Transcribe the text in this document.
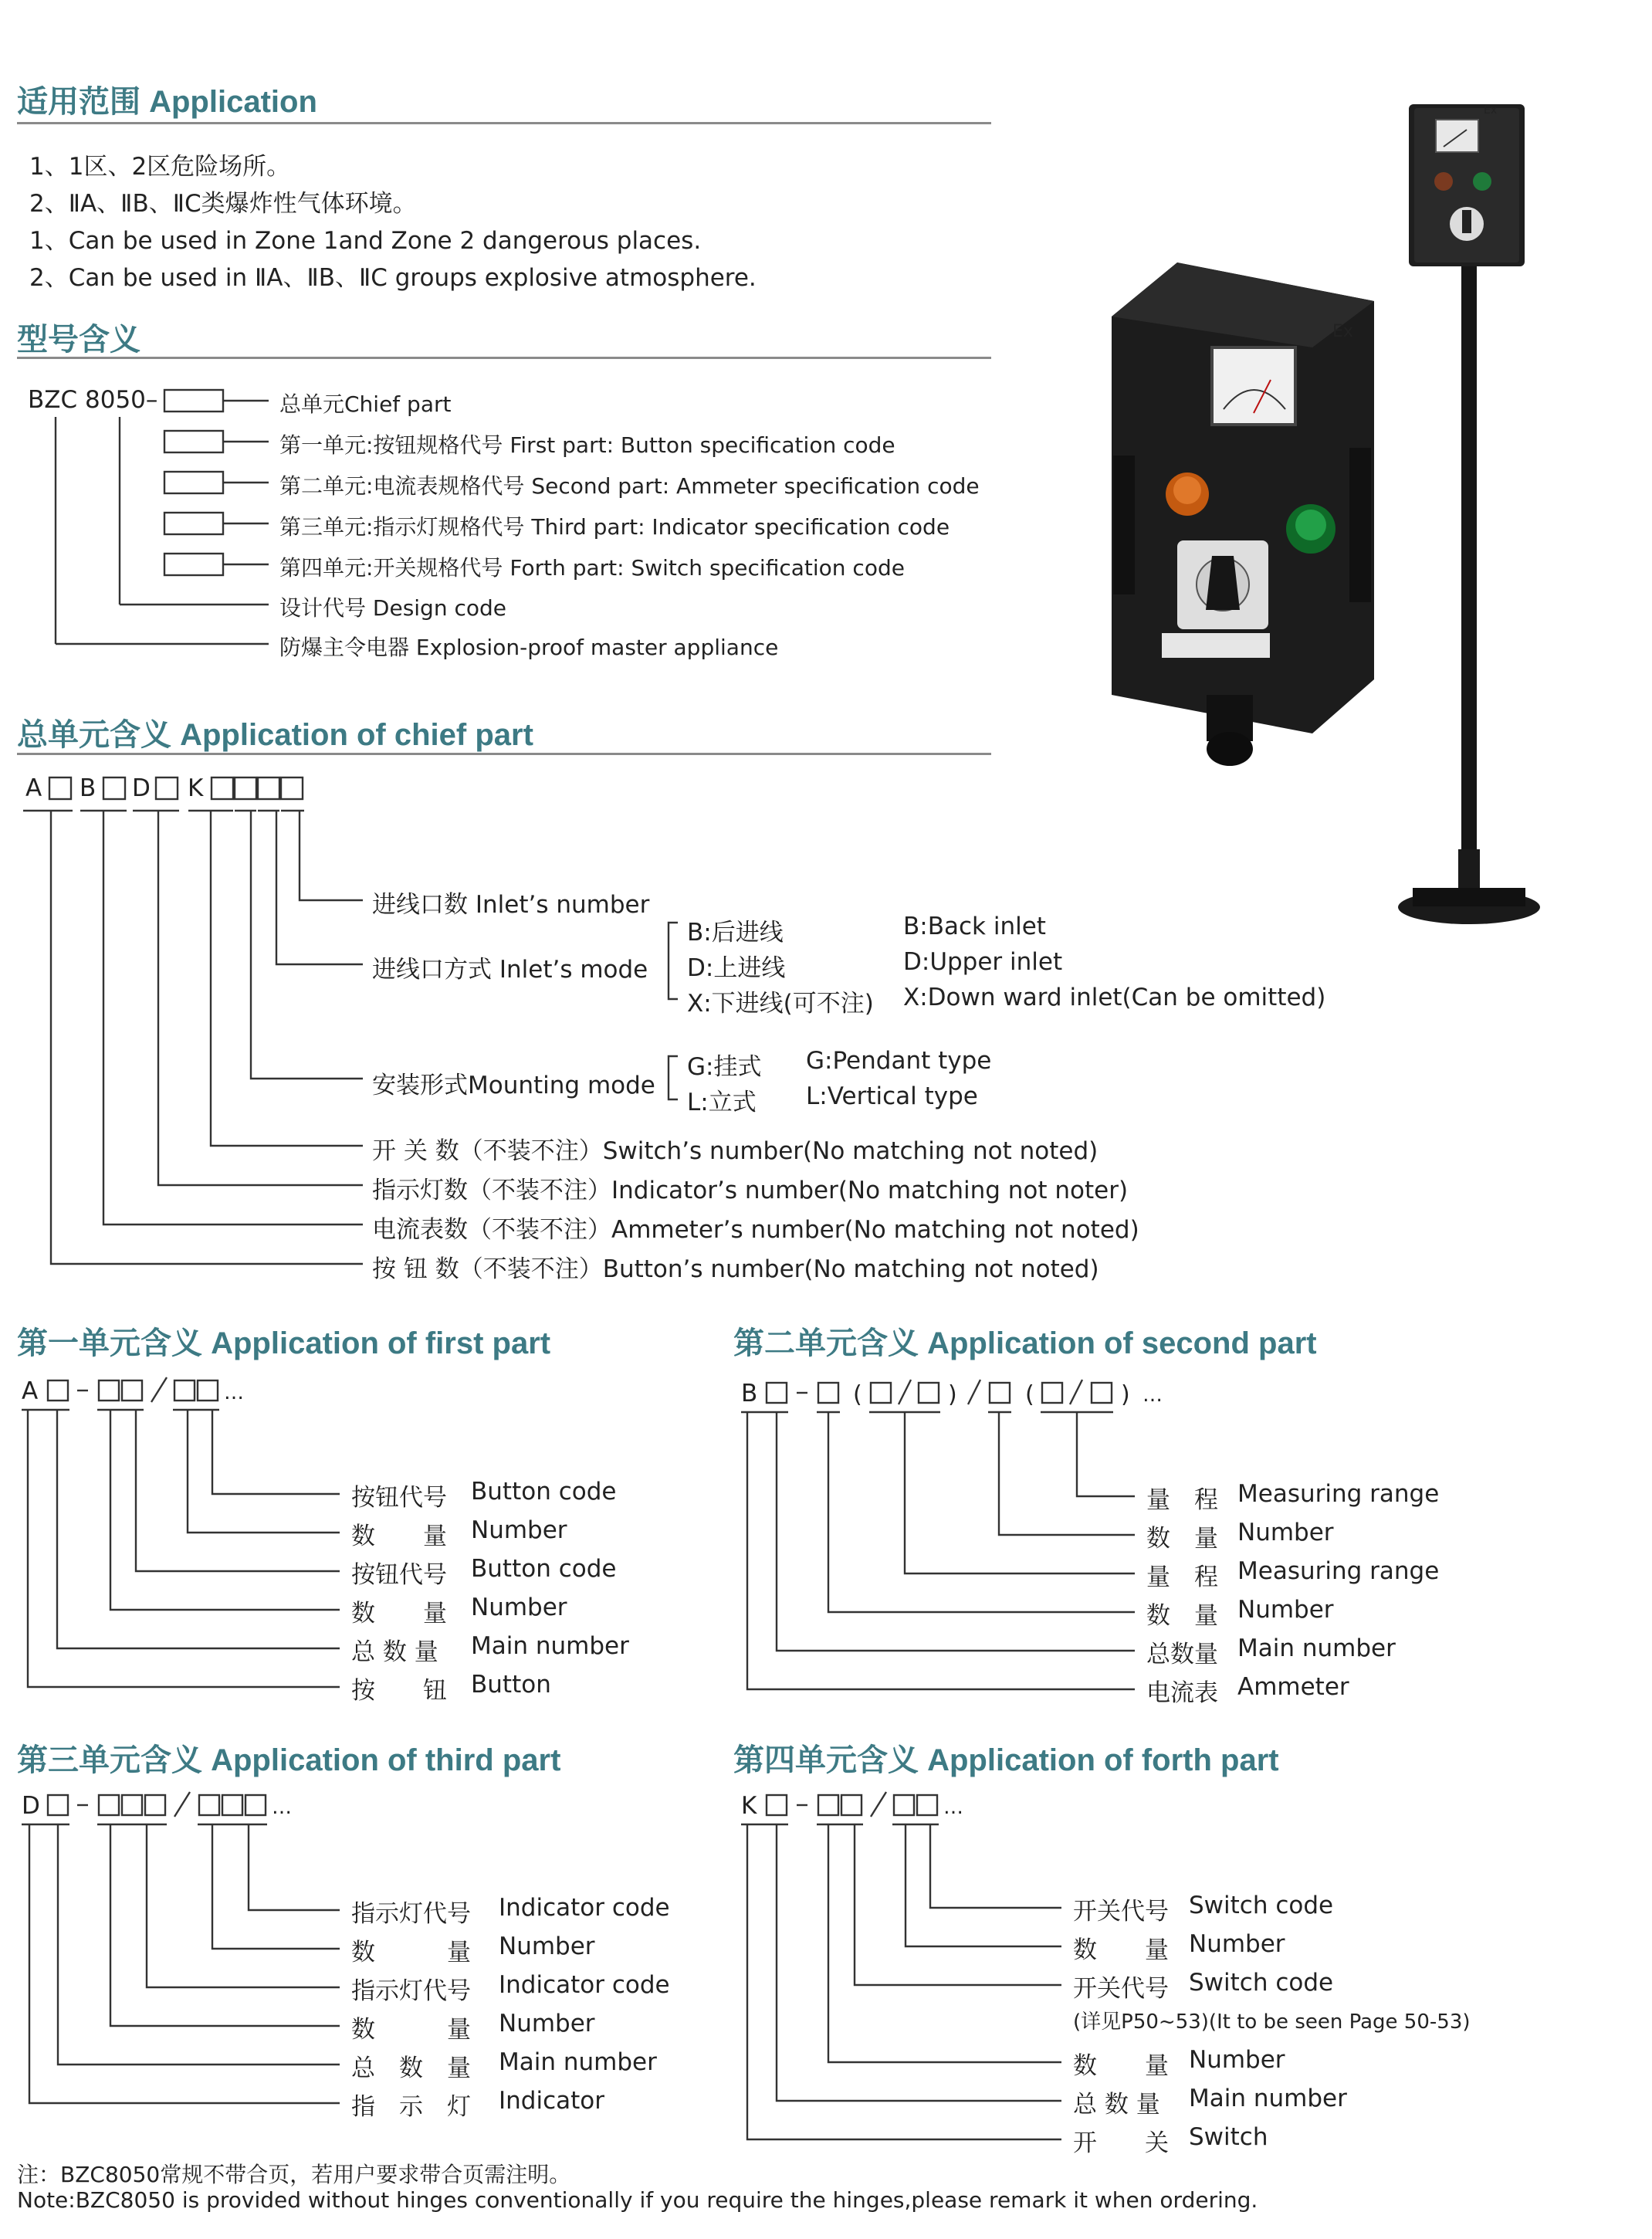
适用范围 Application
1、1区、2区危险场所。
2、ⅡA、ⅡB、ⅡC类爆炸性气体环境。
1、Can be used in Zone 1and Zone 2 dangerous places.
2、Can be used in ⅡA、ⅡB、ⅡC groups explosive atmosphere.
型号含义
BZC 8050–	总单元Chief part
第一单元:按钮规格代号 First part: Button specification code
第二单元:电流表规格代号 Second part: Ammeter specification code
第三单元:指示灯规格代号 Third part: Indicator specification code
第四单元:开关规格代号 Forth part: Switch specification code
设计代号 Design code
防爆主令电器 Explosion-proof master appliance
Ex
Ex
总单元含义 Application of chief part
A B D K
进线口数 Inlet’s number
进线口方式 Inlet’s mode
B:后进线
D:上进线
X:下进线(可不注)
B:Back inlet
D:Upper inlet
X:Down ward inlet(Can be omitted)
安装形式Mounting mode
G:挂式
L:立式
G:Pendant type
L:Vertical type
开 关 数（不装不注）Switch’s number(No matching not noted)
指示灯数（不装不注）Indicator’s number(No matching not noter)
电流表数（不装不注）Ammeter’s number(No matching not noted)
按 钮 数（不装不注）Button’s number(No matching not noted)
第一单元含义 Application of first part	第二单元含义 Application of second part
…	(	)	(	) …
A	B
按钮代号 Button code
数　　量 Number
按钮代号 Button code
数　　量 Number
总 数 量 Main number
按　　钮 Button
量　程 Measuring range
数　量 Number
量　程 Measuring range
数　量 Number
总数量 Main number
电流表 Ammeter
第三单元含义 Application of third part	第四单元含义 Application of forth part
…	…
D	K
指示灯代号 Indicator code
数　　　量 Number
指示灯代号 Indicator code
数　　　量 Number
总　数　量 Main number
指　示　灯 Indicator
开关代号 Switch code
数　　量 Number
开关代号 Switch code
(详见P50~53)(It to be seen Page 50-53)
数　　量 Number
总 数 量 Main number
开　　关 Switch
注：BZC8050常规不带合页，若用户要求带合页需注明。
Note:BZC8050 is provided without hinges conventionally if you require the hinges,please remark it when ordering.
